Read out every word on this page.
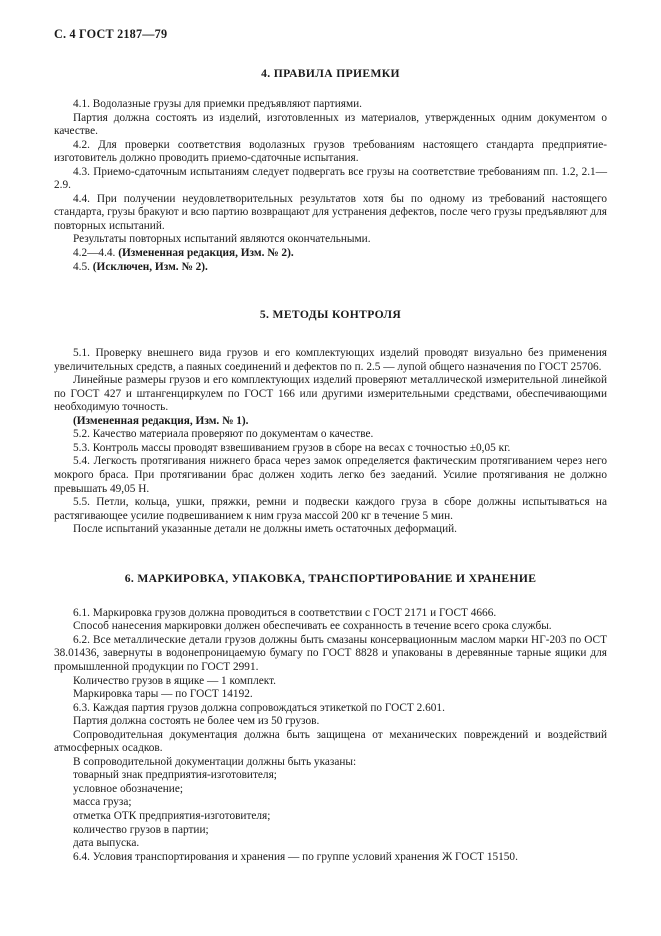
С. 4 ГОСТ 2187—79
4. ПРАВИЛА ПРИЕМКИ

4.1. Водолазные грузы для приемки предъявляют партиями.

Партия должна состоять из изделий, изготовленных из материалов, утвержденных одним документом о качестве.

4.2. Для проверки соответствия водолазных грузов требованиям настоящего стандарта предприятие-изготовитель должно проводить приемо-сдаточные испытания.

4.3. Приемо-сдаточным испытаниям следует подвергать все грузы на соответствие требованиям пп. 1.2, 2.1—2.9.

4.4. При получении неудовлетворительных результатов хотя бы по одному из требований настоящего стандарта, грузы бракуют и всю партию возвращают для устранения дефектов, после чего грузы предъявляют для повторных испытаний.

Результаты повторных испытаний являются окончательными.

4.2—4.4. (Измененная редакция, Изм. № 2).

4.5. (Исключен, Изм. № 2).

5. МЕТОДЫ КОНТРОЛЯ

5.1. Проверку внешнего вида грузов и его комплектующих изделий проводят визуально без применения увеличительных средств, а паяных соединений и дефектов по п. 2.5 — лупой общего назначения по ГОСТ 25706.

Линейные размеры грузов и его комплектующих изделий проверяют металлической измерительной линейкой по ГОСТ 427 и штангенциркулем по ГОСТ 166 или другими измерительными средствами, обеспечивающими необходимую точность.

(Измененная редакция, Изм. № 1).

5.2. Качество материала проверяют по документам о качестве.

5.3. Контроль массы проводят взвешиванием грузов в сборе на весах с точностью ±0,05 кг.

5.4. Легкость протягивания нижнего браса через замок определяется фактическим протягиванием через него мокрого браса. При протягивании брас должен ходить легко без заеданий. Усилие протягивания не должно превышать 49,05 Н.

5.5. Петли, кольца, ушки, пряжки, ремни и подвески каждого груза в сборе должны испытываться на растягивающее усилие подвешиванием к ним груза массой 200 кг в течение 5 мин.

После испытаний указанные детали не должны иметь остаточных деформаций.

6. МАРКИРОВКА, УПАКОВКА, ТРАНСПОРТИРОВАНИЕ И ХРАНЕНИЕ

6.1. Маркировка грузов должна проводиться в соответствии с ГОСТ 2171 и ГОСТ 4666.

Способ нанесения маркировки должен обеспечивать ее сохранность в течение всего срока службы.

6.2. Все металлические детали грузов должны быть смазаны консервационным маслом марки НГ-203 по ОСТ 38.01436, завернуты в водонепроницаемую бумагу по ГОСТ 8828 и упакованы в деревянные тарные ящики для промышленной продукции по ГОСТ 2991.

Количество грузов в ящике — 1 комплект.

Маркировка тары — по ГОСТ 14192.

6.3. Каждая партия грузов должна сопровождаться этикеткой по ГОСТ 2.601.

Партия должна состоять не более чем из 50 грузов.

Сопроводительная документация должна быть защищена от механических повреждений и воздействий атмосферных осадков.

В сопроводительной документации должны быть указаны:

товарный знак предприятия-изготовителя;

условное обозначение;

масса груза;

отметка ОТК предприятия-изготовителя;

количество грузов в партии;

дата выпуска.

6.4. Условия транспортирования и хранения — по группе условий хранения Ж ГОСТ 15150.
